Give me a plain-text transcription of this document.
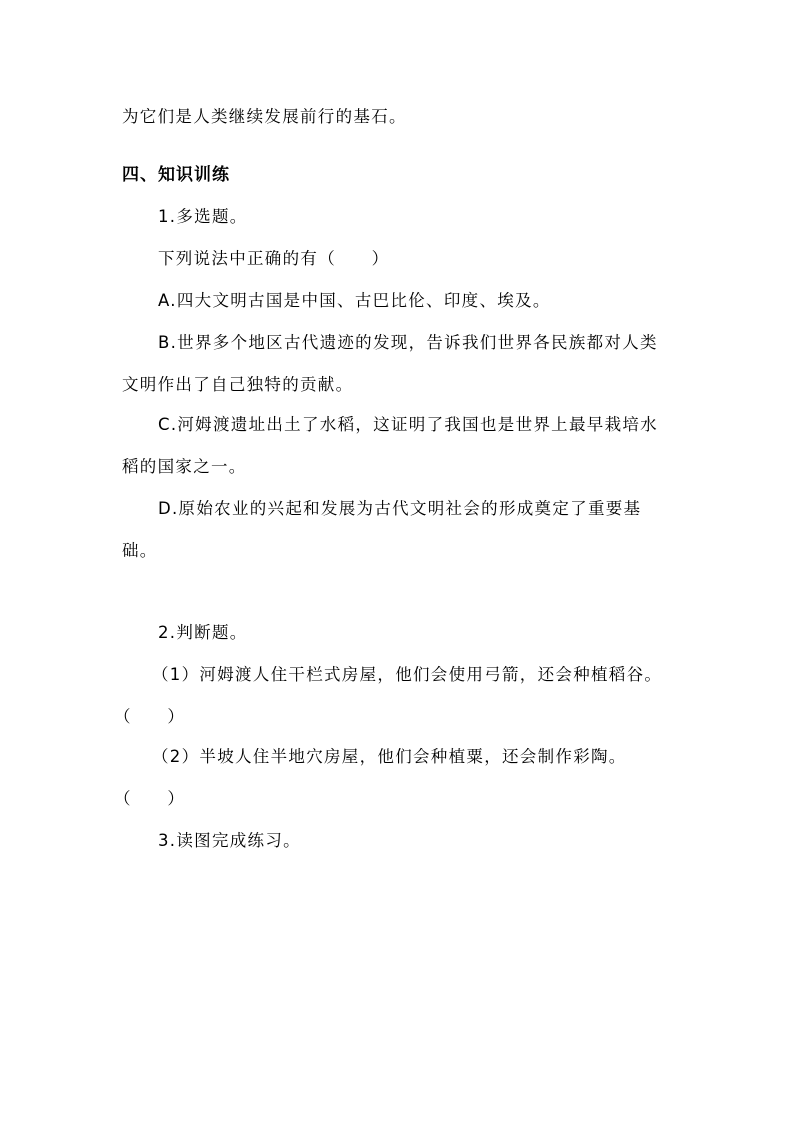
为它们是人类继续发展前行的基石。
四、知识训练
1.多选题。
下列说法中正确的有（　　）
A.四大文明古国是中国、古巴比伦、印度、埃及。
B.世界多个地区古代遗迹的发现，告诉我们世界各民族都对人类
文明作出了自己独特的贡献。
C.河姆渡遗址出土了水稻，这证明了我国也是世界上最早栽培水
稻的国家之一。
D.原始农业的兴起和发展为古代文明社会的形成奠定了重要基
础。
2.判断题。
（1）河姆渡人住干栏式房屋，他们会使用弓箭，还会种植稻谷。
（　　）
（2）半坡人住半地穴房屋，他们会种植粟，还会制作彩陶。
（　　）
3.读图完成练习。
